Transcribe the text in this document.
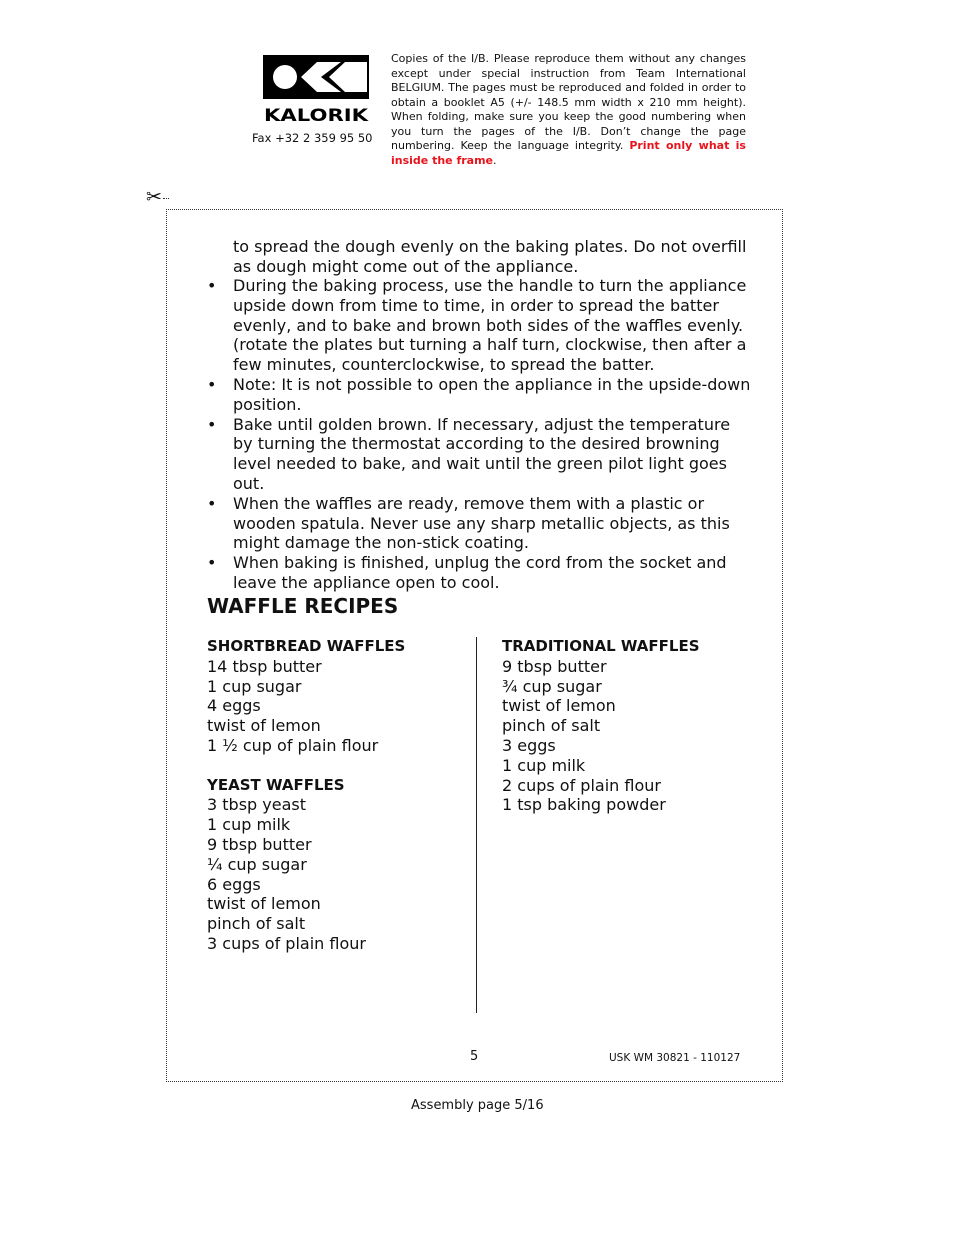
KALORIK
Fax +32 2 359 95 50
Copies of the I/B. Please reproduce them without any changes except under special instruction from Team International BELGIUM. The pages must be reproduced and folded in order to obtain a booklet A5 (+/- 148.5 mm width x 210 mm height). When folding, make sure you keep the good numbering when you turn the pages of the I/B. Don’t change the page numbering. Keep the language integrity. Print only what is inside the frame.
✂

to spread the dough evenly on the baking plates. Do not overfill as dough might come out of the appliance.

• During the baking process, use the handle to turn the appliance upside down from time to time, in order to spread the batter evenly, and to bake and brown both sides of the waffles evenly. (rotate the plates but turning a half turn, clockwise, then after a few minutes, counterclockwise, to spread the batter.
• Note: It is not possible to open the appliance in the upside-down position.
• Bake until golden brown. If necessary, adjust the temperature by turning the thermostat according to the desired browning level needed to bake, and wait until the green pilot light goes out.
• When the waffles are ready, remove them with a plastic or wooden spatula. Never use any sharp metallic objects, as this might damage the non-stick coating.
• When baking is finished, unplug the cord from the socket and leave the appliance open to cool.
WAFFLE RECIPES

SHORTBREAD WAFFLES

14 tbsp butter

1 cup sugar

4 eggs

twist of lemon

1 ½ cup of plain flour

YEAST WAFFLES

3 tbsp yeast

1 cup milk

9 tbsp butter

¼ cup sugar

6 eggs

twist of lemon

pinch of salt

3 cups of plain flour

TRADITIONAL WAFFLES

9 tbsp butter

¾ cup sugar

twist of lemon

pinch of salt

3 eggs

1 cup milk

2 cups of plain flour

1 tsp baking powder

5	USK WM 30821 - 110127
Assembly page 5/16
